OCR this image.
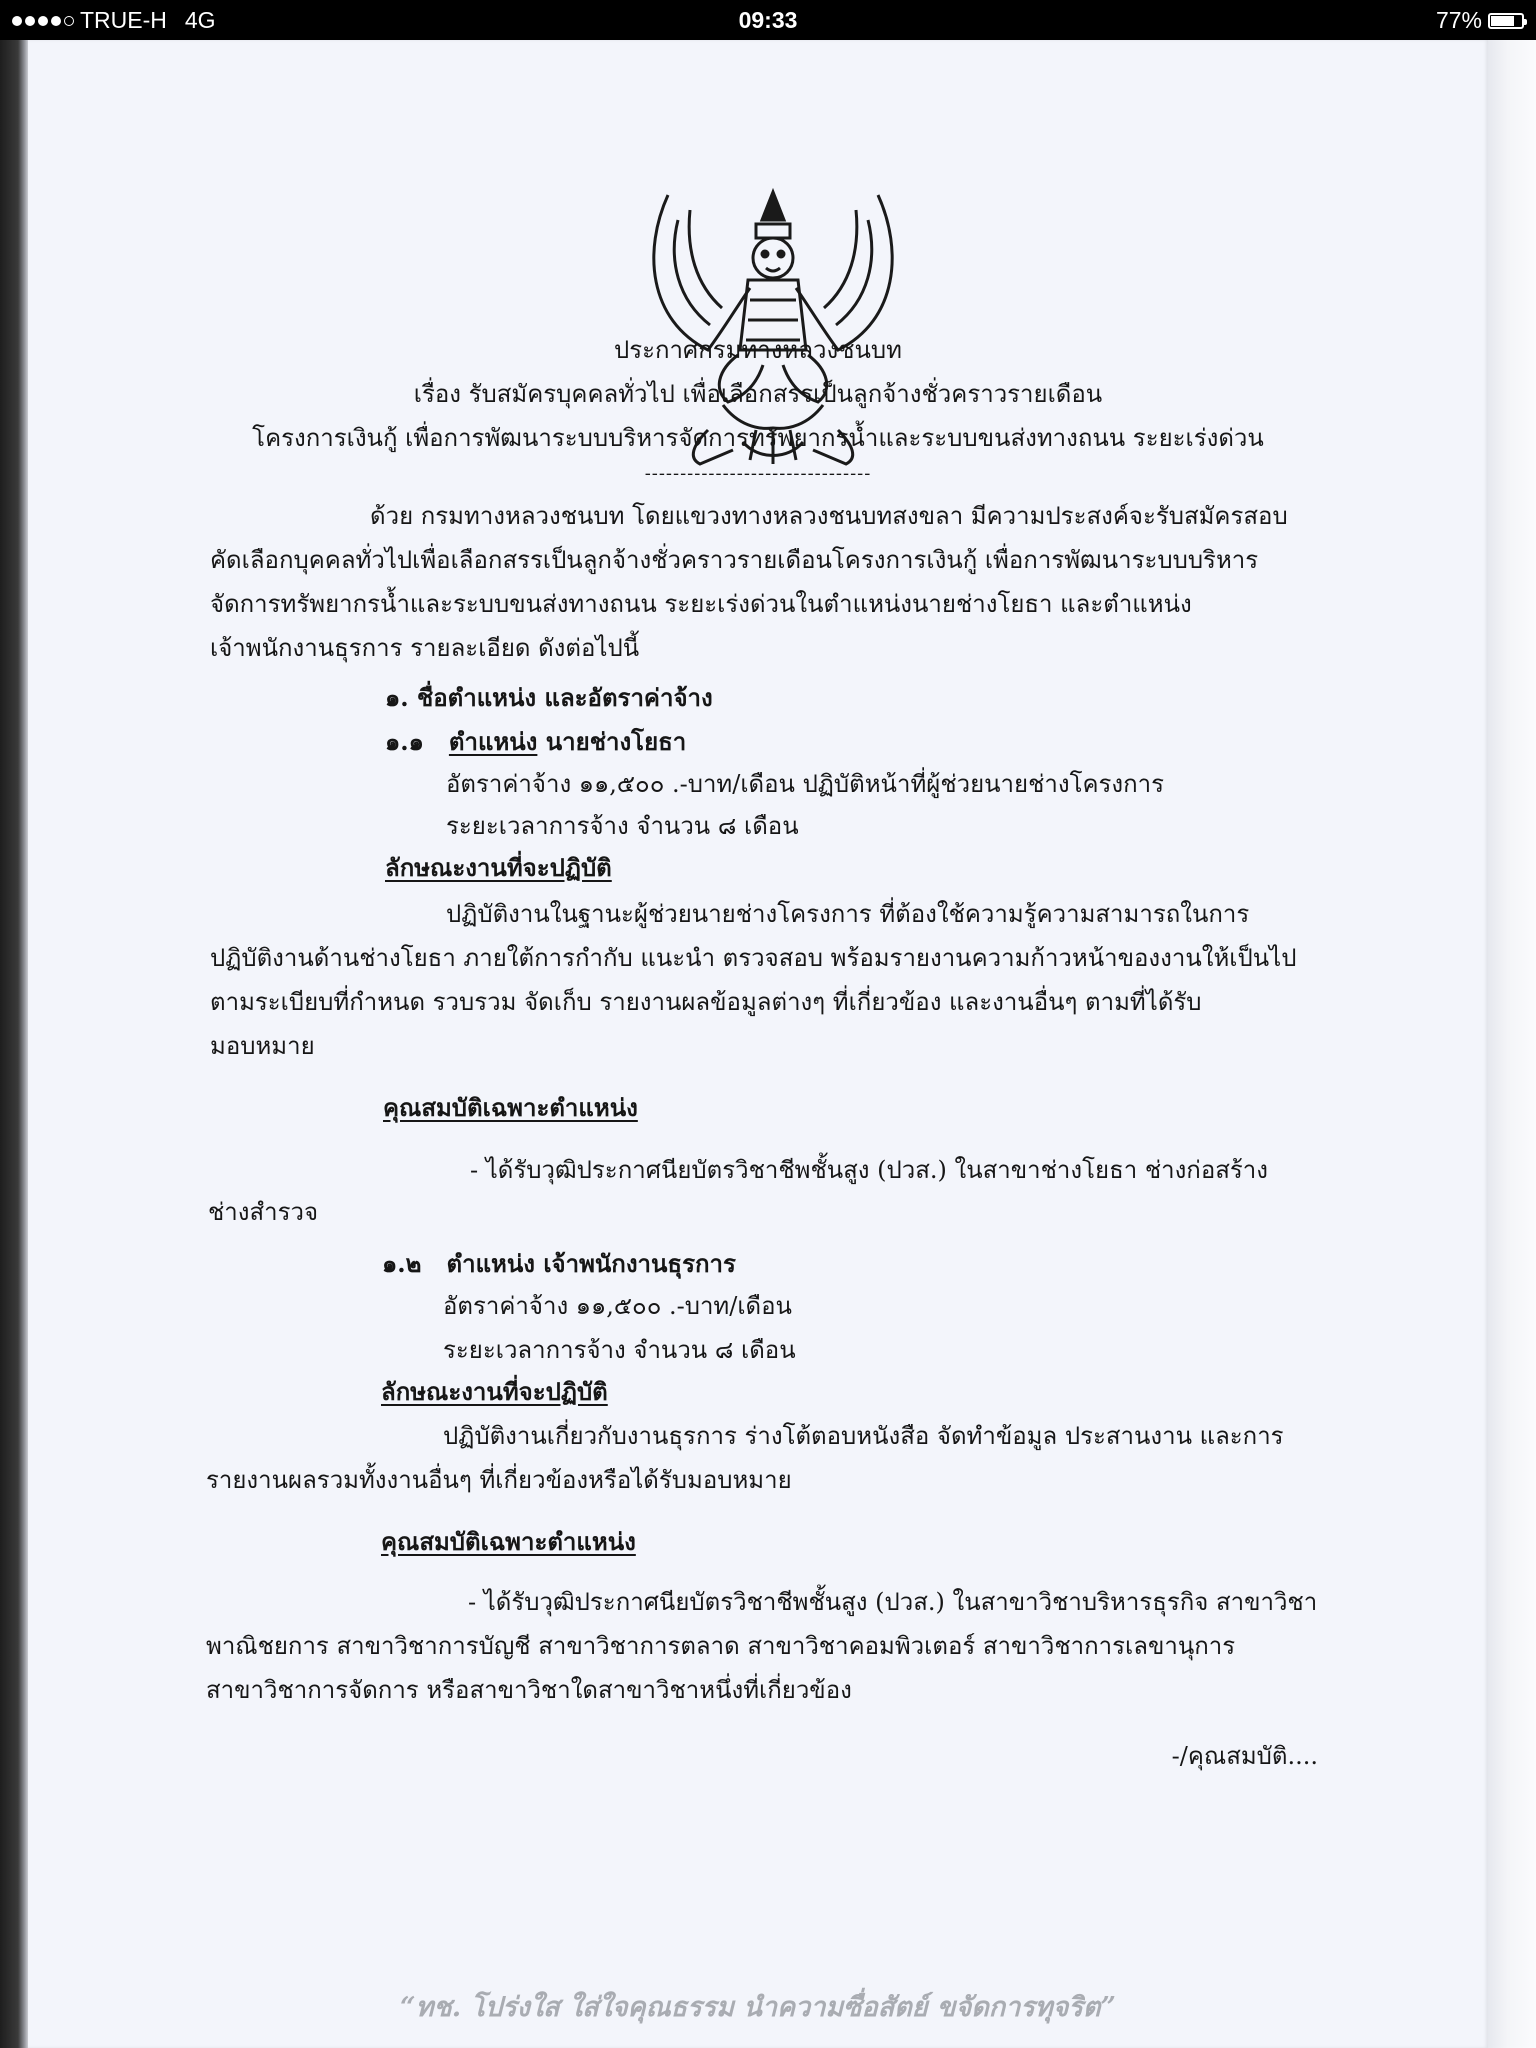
TRUE-H 4G	09:33	77%
ประกาศกรมทางหลวงชนบท
เรื่อง รับสมัครบุคคลทั่วไป เพื่อเลือกสรรเป็นลูกจ้างชั่วคราวรายเดือน
โครงการเงินกู้ เพื่อการพัฒนาระบบบริหารจัดการทรัพยากรน้ำและระบบขนส่งทางถนน ระยะเร่งด่วน
--------------------------------
ด้วย กรมทางหลวงชนบท โดยแขวงทางหลวงชนบทสงขลา มีความประสงค์จะรับสมัครสอบ
คัดเลือกบุคคลทั่วไปเพื่อเลือกสรรเป็นลูกจ้างชั่วคราวรายเดือนโครงการเงินกู้ เพื่อการพัฒนาระบบบริหาร
จัดการทรัพยากรน้ำและระบบขนส่งทางถนน ระยะเร่งด่วนในตำแหน่งนายช่างโยธา และตำแหน่ง
เจ้าพนักงานธุรการ รายละเอียด ดังต่อไปนี้
๑. ชื่อตำแหน่ง และอัตราค่าจ้าง
๑.๑ ตำแหน่ง นายช่างโยธา
อัตราค่าจ้าง ๑๑,๕๐๐ .-บาท/เดือน ปฏิบัติหน้าที่ผู้ช่วยนายช่างโครงการ
ระยะเวลาการจ้าง จำนวน ๘ เดือน
ลักษณะงานที่จะปฏิบัติ
ปฏิบัติงานในฐานะผู้ช่วยนายช่างโครงการ ที่ต้องใช้ความรู้ความสามารถในการ
ปฏิบัติงานด้านช่างโยธา ภายใต้การกำกับ แนะนำ ตรวจสอบ พร้อมรายงานความก้าวหน้าของงานให้เป็นไป
ตามระเบียบที่กำหนด รวบรวม จัดเก็บ รายงานผลข้อมูลต่างๆ ที่เกี่ยวข้อง และงานอื่นๆ ตามที่ได้รับ
มอบหมาย
คุณสมบัติเฉพาะตำแหน่ง
- ได้รับวุฒิประกาศนียบัตรวิชาชีพชั้นสูง (ปวส.) ในสาขาช่างโยธา ช่างก่อสร้าง
ช่างสำรวจ
๑.๒ ตำแหน่ง เจ้าพนักงานธุรการ
อัตราค่าจ้าง ๑๑,๕๐๐ .-บาท/เดือน
ระยะเวลาการจ้าง จำนวน ๘ เดือน
ลักษณะงานที่จะปฏิบัติ
ปฏิบัติงานเกี่ยวกับงานธุรการ ร่างโต้ตอบหนังสือ จัดทำข้อมูล ประสานงาน และการ
รายงานผลรวมทั้งงานอื่นๆ ที่เกี่ยวข้องหรือได้รับมอบหมาย
คุณสมบัติเฉพาะตำแหน่ง
- ได้รับวุฒิประกาศนียบัตรวิชาชีพชั้นสูง (ปวส.) ในสาขาวิชาบริหารธุรกิจ สาขาวิชา
พาณิชยการ สาขาวิชาการบัญชี สาขาวิชาการตลาด สาขาวิชาคอมพิวเตอร์ สาขาวิชาการเลขานุการ
สาขาวิชาการจัดการ หรือสาขาวิชาใดสาขาวิชาหนึ่งที่เกี่ยวข้อง
-/คุณสมบัติ....
“ทช. โปร่งใส ใส่ใจคุณธรรม นำความซื่อสัตย์ ขจัดการทุจริต”
